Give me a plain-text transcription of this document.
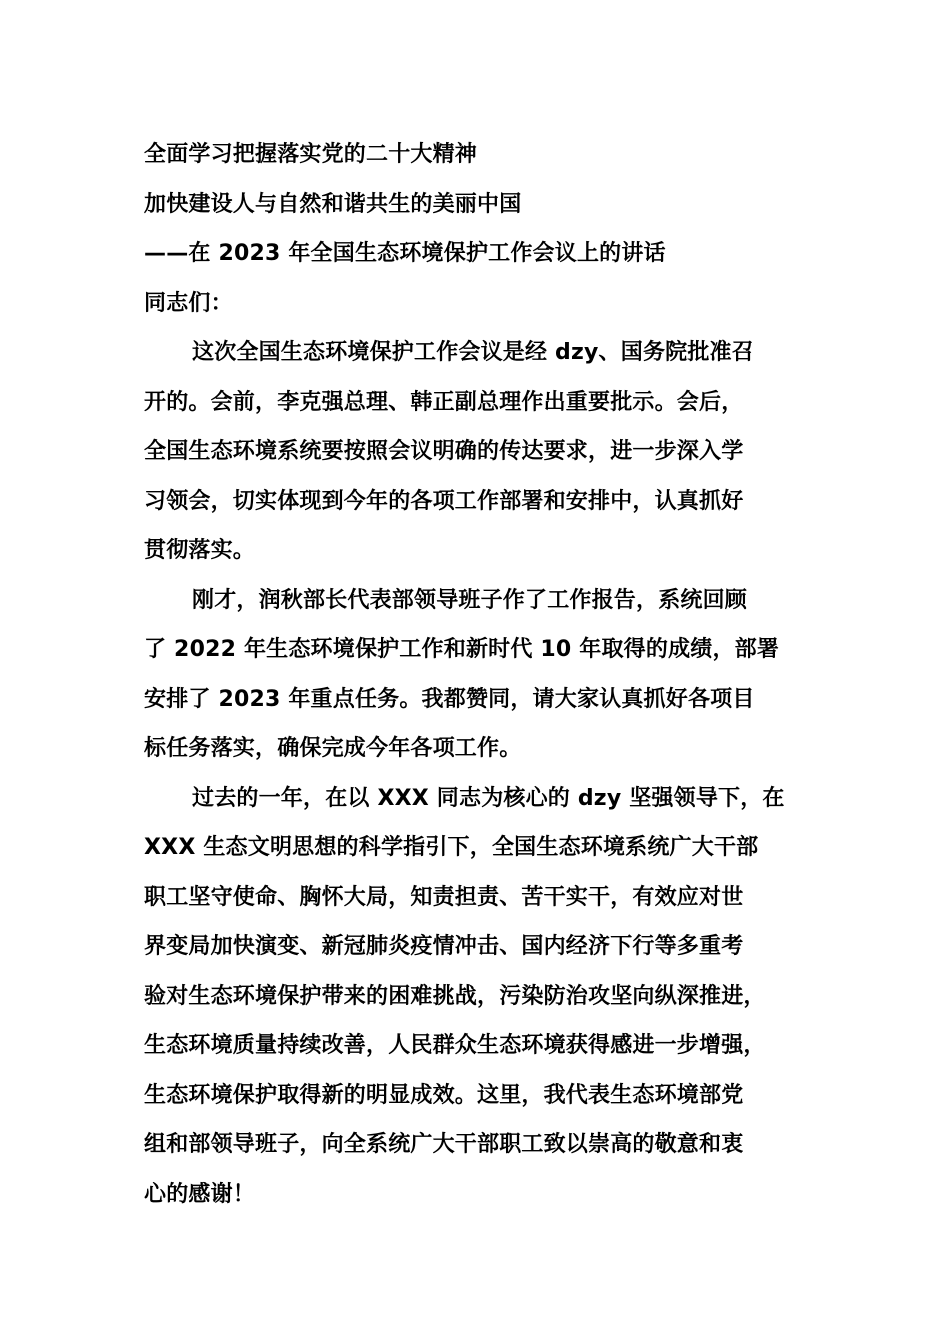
全面学习把握落实党的二十大精神

加快建设人与自然和谐共生的美丽中国

——在 2023 年全国生态环境保护工作会议上的讲话

同志们：

这次全国生态环境保护工作会议是经 dzy、国务院批准召

开的。会前，李克强总理、韩正副总理作出重要批示。会后，

全国生态环境系统要按照会议明确的传达要求，进一步深入学

习领会，切实体现到今年的各项工作部署和安排中，认真抓好

贯彻落实。

刚才，润秋部长代表部领导班子作了工作报告，系统回顾

了 2022 年生态环境保护工作和新时代 10 年取得的成绩，部署

安排了 2023 年重点任务。我都赞同，请大家认真抓好各项目

标任务落实，确保完成今年各项工作。

过去的一年，在以 XXX 同志为核心的 dzy 坚强领导下，在

XXX 生态文明思想的科学指引下，全国生态环境系统广大干部

职工坚守使命、胸怀大局，知责担责、苦干实干，有效应对世

界变局加快演变、新冠肺炎疫情冲击、国内经济下行等多重考

验对生态环境保护带来的困难挑战，污染防治攻坚向纵深推进，

生态环境质量持续改善，人民群众生态环境获得感进一步增强，

生态环境保护取得新的明显成效。这里，我代表生态环境部党

组和部领导班子，向全系统广大干部职工致以崇高的敬意和衷

心的感谢！
